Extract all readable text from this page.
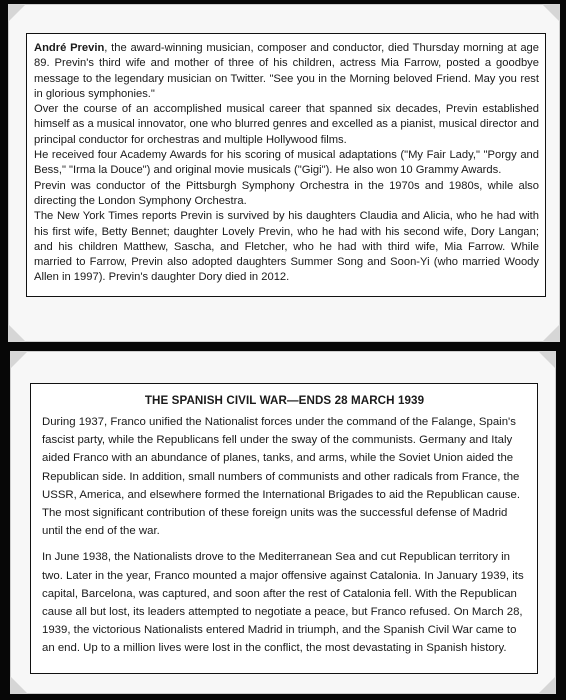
André Previn, the award-winning musician, composer and conductor, died Thursday morning at age 89. Previn's third wife and mother of three of his children, actress Mia Farrow, posted a goodbye message to the legendary musician on Twitter. "See you in the Morning beloved Friend. May you rest in glorious symphonies."

Over the course of an accomplished musical career that spanned six decades, Previn established himself as a musical innovator, one who blurred genres and excelled as a pianist, musical director and principal conductor for orchestras and multiple Hollywood films.

He received four Academy Awards for his scoring of musical adaptations ("My Fair Lady," "Porgy and Bess," "Irma la Douce") and original movie musicals ("Gigi"). He also won 10 Grammy Awards.

Previn was conductor of the Pittsburgh Symphony Orchestra in the 1970s and 1980s, while also directing the London Symphony Orchestra.

The New York Times reports Previn is survived by his daughters Claudia and Alicia, who he had with his first wife, Betty Bennet; daughter Lovely Previn, who he had with his second wife, Dory Langan; and his children Matthew, Sascha, and Fletcher, who he had with third wife, Mia Farrow. While married to Farrow, Previn also adopted daughters Summer Song and Soon-Yi (who married Woody Allen in 1997). Previn's daughter Dory died in 2012.

THE SPANISH CIVIL WAR—ENDS 28 MARCH 1939

During 1937, Franco unified the Nationalist forces under the command of the Falange, Spain's fascist party, while the Republicans fell under the sway of the communists. Germany and Italy aided Franco with an abundance of planes, tanks, and arms, while the Soviet Union aided the Republican side. In addition, small numbers of communists and other radicals from France, the USSR, America, and elsewhere formed the International Brigades to aid the Republican cause. The most significant contribution of these foreign units was the successful defense of Madrid until the end of the war.

In June 1938, the Nationalists drove to the Mediterranean Sea and cut Republican territory in two. Later in the year, Franco mounted a major offensive against Catalonia. In January 1939, its capital, Barcelona, was captured, and soon after the rest of Catalonia fell. With the Republican cause all but lost, its leaders attempted to negotiate a peace, but Franco refused. On March 28, 1939, the victorious Nationalists entered Madrid in triumph, and the Spanish Civil War came to an end. Up to a million lives were lost in the conflict, the most devastating in Spanish history.
